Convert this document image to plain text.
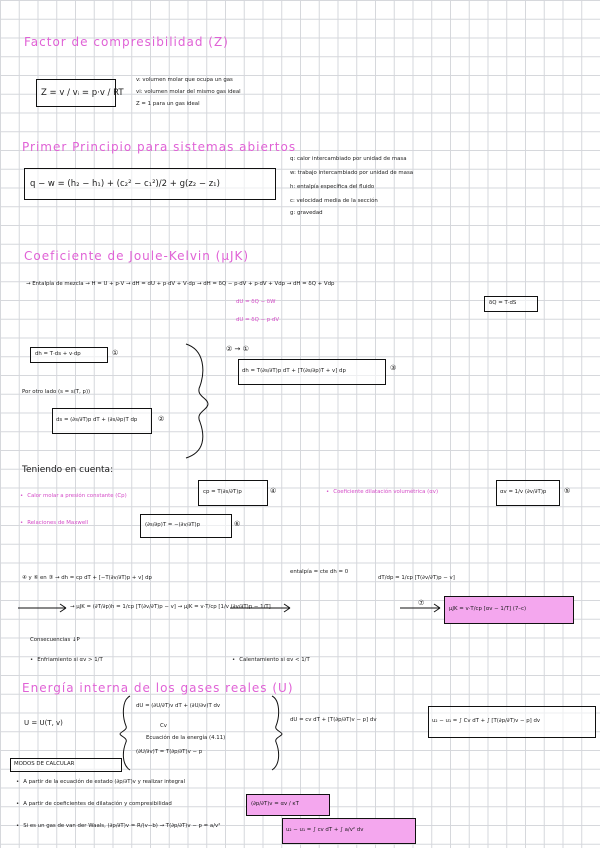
Factor de compresibilidad (Z)
Z = v / vᵢ = p·v / RT
v: volumen molar que ocupa un gas
vi: volumen molar del mismo gas ideal
Z = 1 para un gas ideal
Primer Principio para sistemas abiertos
q − w = (h₂ − h₁) + (c₂² − c₁²)/2 + g(z₂ − z₁)
q: calor intercambiado por unidad de masa
w: trabajo intercambiado por unidad de masa
h: entalpía específica del fluido
c: velocidad media de la sección
g: gravedad
Coeficiente de Joule-Kelvin (μJK)
→ Entalpía de mezcla → H = U + p·V → dH = dU + p·dV + V·dp → dH = δQ − p·dV + p·dV + Vdp → dH = δQ + Vdp
dU = δQ − δW
dU = δQ − p·dV
δQ = T·dS
dh = T·ds + v·dp	①
Por otro lado (s = s(T, p))
ds = (∂s/∂T)p dT + (∂s/∂p)T dp	②
② → ①
dh = T(∂s/∂T)p dT + [T(∂s/∂p)T + v] dp	③
Teniendo en cuenta:
• Calor molar a presión constante (Cp)
cp = T(∂s/∂T)p	④	• Coeficiente dilatación volumétrica (αv)	αv = 1/v (∂v/∂T)p	⑤
• Relaciones de Maxwell	(∂s/∂p)T = −(∂v/∂T)p	⑥
④ y ⑥ en ③ → dh = cp dT + [−T(∂v/∂T)p + v] dp
entalpía = cte dh = 0
dT/dp = 1/cp [T(∂v/∂T)p − v]
→ μJK = (∂T/∂p)h = 1/cp [T(∂v/∂T)p − v] → μJK = v·T/cp [1/v (∂v/∂T)p − 1/T]	⑦
μJK = v·T/cp [αv − 1/T] (7–c)
Consecuencias ↓P
• Enfriamiento si αv > 1/T	• Calentamiento si αv < 1/T
Energía interna de los gases reales (U)
U = U(T, v)
dU = (∂U/∂T)v dT + (∂U/∂v)T dv
Cv
Ecuación de la energía (4.11)
(∂U/∂v)T = T(∂p/∂T)v − p
dU = cv dT + [T(∂p/∂T)v − p] dv	u₂ − u₁ = ∫ Cv dT + ∫ [T(∂p/∂T)v − p] dv
MODOS DE CALCULAR
• A partir de la ecuación de estado (∂p/∂T)v y realizar integral
• A partir de coeficientes de dilatación y compresibilidad	(∂p/∂T)v = αv / κT
• Si es un gas de van der Waals, (∂p/∂T)v = R/(v−b) → T(∂p/∂T)v − p = a/v²
u₂ − u₁ = ∫ cv dT + ∫ a/v² dv
